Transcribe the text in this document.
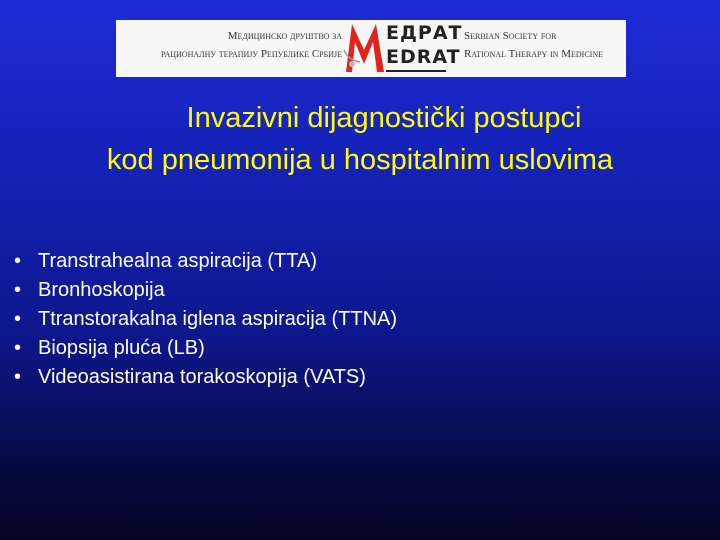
Медицинско друштво за
рационалну терапију Републике Србије
ЕДРАТ
EDRAT
Serbian Society for
Rational Therapy in Medicine
Invazivni dijagnostički postupci
kod pneumonija u hospitalnim uslovima
• Transtrahealna aspiracija (TTA)
• Bronhoskopija
• Ttranstorakalna iglena aspiracija (TTNA)
• Biopsija pluća (LB)
• Videoasistirana torakoskopija (VATS)
